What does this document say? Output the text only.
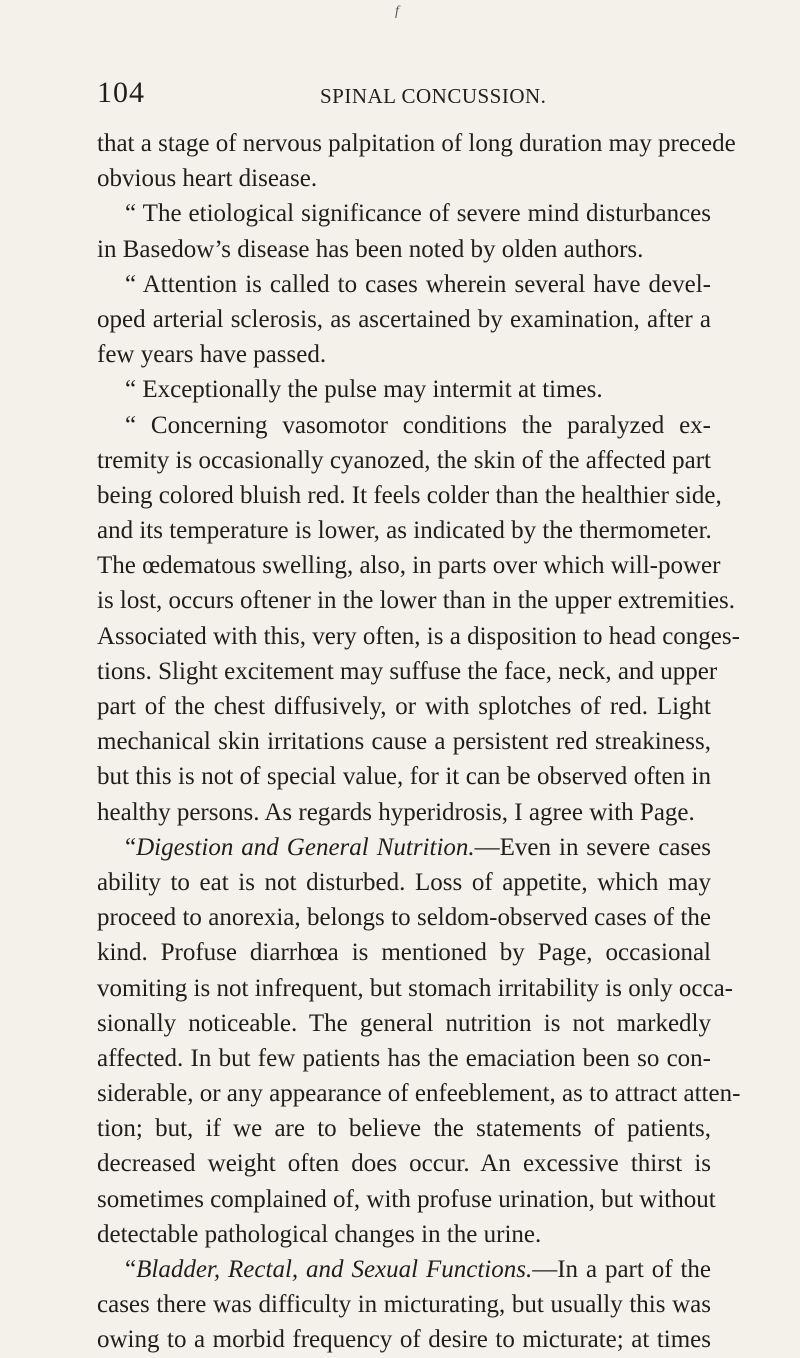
f
104	SPINAL CONCUSSION.
that a stage of nervous palpitation of long duration may precede
obvious heart disease.
“ The etiological significance of severe mind disturbances
in Basedow’s disease has been noted by olden authors.
“ Attention is called to cases wherein several have devel-
oped arterial sclerosis, as ascertained by examination, after a
few years have passed.
“ Exceptionally the pulse may intermit at times.
“ Concerning vasomotor conditions the paralyzed ex-
tremity is occasionally cyanozed, the skin of the affected part
being colored bluish red. It feels colder than the healthier side,
and its temperature is lower, as indicated by the thermometer.
The œdematous swelling, also, in parts over which will-power
is lost, occurs oftener in the lower than in the upper extremities.
Associated with this, very often, is a disposition to head conges-
tions. Slight excitement may suffuse the face, neck, and upper
part of the chest diffusively, or with splotches of red. Light
mechanical skin irritations cause a persistent red streakiness,
but this is not of special value, for it can be observed often in
healthy persons. As regards hyperidrosis, I agree with Page.
“Digestion and General Nutrition.—Even in severe cases
ability to eat is not disturbed. Loss of appetite, which may
proceed to anorexia, belongs to seldom-observed cases of the
kind. Profuse diarrhœa is mentioned by Page, occasional
vomiting is not infrequent, but stomach irritability is only occa-
sionally noticeable. The general nutrition is not markedly
affected. In but few patients has the emaciation been so con-
siderable, or any appearance of enfeeblement, as to attract atten-
tion; but, if we are to believe the statements of patients,
decreased weight often does occur. An excessive thirst is
sometimes complained of, with profuse urination, but without
detectable pathological changes in the urine.
“Bladder, Rectal, and Sexual Functions.—In a part of the
cases there was difficulty in micturating, but usually this was
owing to a morbid frequency of desire to micturate; at times
